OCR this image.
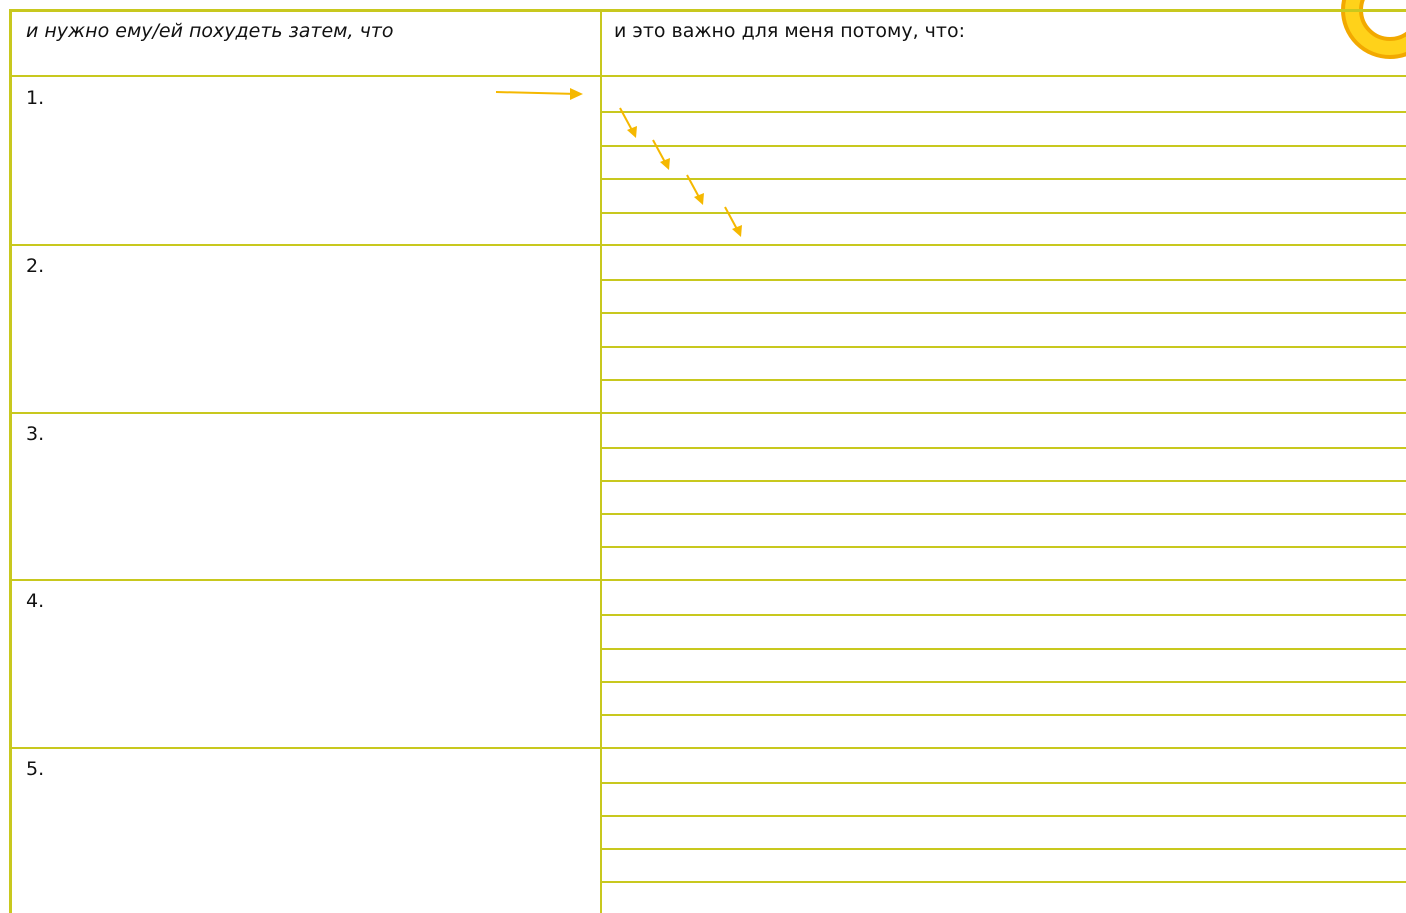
и нужно ему/ей похудеть затем, что	и это важно для меня потому, что:
1.
2.
3.
4.
5.
